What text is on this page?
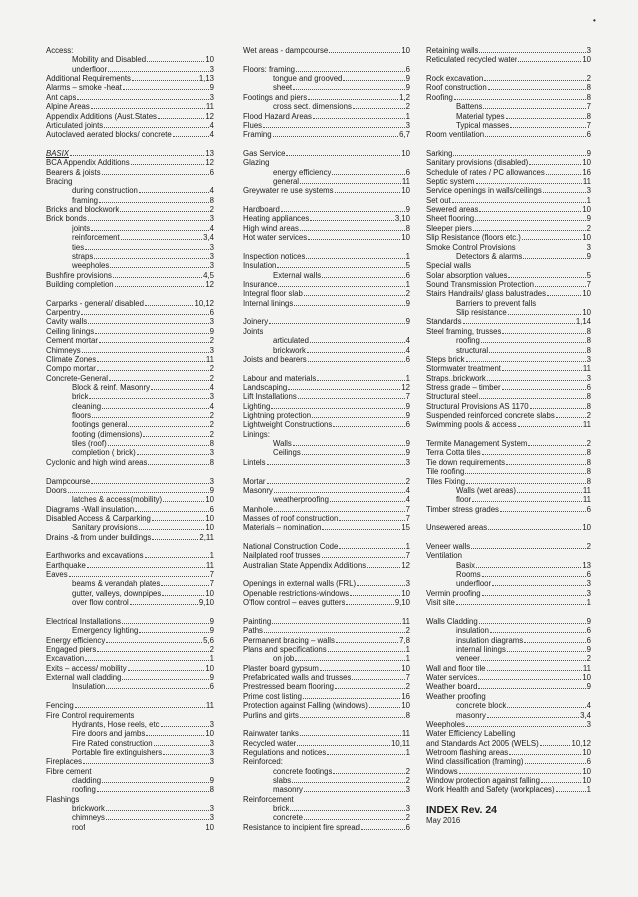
•
Access:
Mobility and Disabled	10
underfloor	3
Additional Requirements	1,13
Alarms – smoke -heat	9
Ant caps	3
Alpine Areas	11
Appendix Additions (Aust.States	12
Articulated joints	4
Autoclaved aerated blocks/ concrete	4
BASIX	13
BCA Appendix Additions	12
Bearers & joists	6
Bracing
during construction	4
framing	8
Bricks and blockwork	2
Brick bonds	3
joints	4
reinforcement	3,4
ties	3
straps	3
weepholes	3
Bushfire provisions	4,5
Building completion	12
Carparks - general/ disabled	10,12
Carpentry	6
Cavity walls	3
Ceiling linings	9
Cement mortar	2
Chimneys	3
Climate Zones	11
Compo mortar	2
Concrete-General	2
Block & reinf. Masonry	4
brick	3
cleaning	4
floors	2
footings general	2
footing (dimensions)	2
tiles (roof)	8
completion ( brick)	3
Cyclonic and high wind areas	8
Dampcourse	3
Doors	9
latches & access(mobility)	10
Diagrams -Wall insulation	6
Disabled Access & Carparking	10
Sanitary provisions	10
Drains -& from under buildings	2,11
Earthworks and excavations	1
Earthquake	11
Eaves	7
beams & verandah plates	7
gutter, valleys, downpipes	10
over flow control	9,10
Electrical Installations	9
Emergency lighting	9
Energy efficiency	5,6
Engaged piers	2
Excavation	1
Exits – access/ mobility	10
External wall cladding	9
Insulation	6
Fencing	11
Fire Control requirements
Hydrants, Hose reels, etc	3
Fire doors and jambs	10
Fire Rated construction	3
Portable fire extinguishers	3
Fireplaces	3
Fibre cement
cladding	9
roofing	8
Flashings
brickwork	3
chimneys	3
roof	10
Wet areas - dampcourse	10
Floors: framing	6
tongue and grooved	9
sheet	9
Footings and piers	1,2
cross sect. dimensions	2
Flood Hazard Areas	1
Flues	3
Framing	6,7
Gas Service	10
Glazing
energy efficiency	6
general	11
Greywater re use systems	10
Hardboard	9
Heating appliances	3,10
High wind areas	8
Hot water services	10
Inspection notices	1
Insulation	5
External walls	6
Insurance	1
Integral floor slab	2
Internal linings	9
Joinery	9
Joints
articulated	4
brickwork	4
Joists and bearers	6
Labour and materials	1
Landscaping	12
Lift Installations	7
Lighting	9
Lightning protection	9
Lightweight Constructions	6
Linings:
Walls	9
Ceilings	9
Lintels	3
Mortar	2
Masonry	4
weatherproofing	4
Manhole	7
Masses of roof construction	7
Materials – nomination	15
National Construction Code	1
Nailplated roof trusses	7
Australian State Appendix Additions	12
Openings in external walls (FRL)	3
Openable restrictions-windows	10
O'flow control – eaves gutters	9,10
Painting	11
Paths	2
Permanent bracing – walls	7,8
Plans and specifications	1
on job	1
Plaster board gypsum	10
Prefabricated walls and trusses	7
Prestressed beam flooring	2
Prime cost listing	16
Protection against Falling (windows)	10
Purlins and girts	8
Rainwater tanks	11
Recycled water	10,11
Regulations and notices	1
Reinforced:
concrete footings	2
slabs	2
masonry	3
Reinforcement
brick	3
concrete	2
Resistance to incipient fire spread	6
Retaining walls	3
Reticulated recycled water	10
Rock excavation	2
Roof construction	8
Roofing	8
Battens	7
Material types	8
Typical masses	7
Room ventilation	6
Sarking	9
Sanitary provisions (disabled)	10
Schedule of rates / PC allowances	16
Septic system	11
Service openings in walls/ceilings	3
Set out	1
Sewered areas	10
Sheet flooring	9
Sleeper piers	2
Slip Resistance (floors etc.)	10
Smoke Control Provisions	3
Detectors & alarms	9
Special walls
Solar absorption values	5
Sound Transmission Protection	7
Stairs Handrails/ glass balustrades	10
Barriers to prevent falls
Slip resistance	10
Standards	1,14
Steel framing, trusses	8
roofing	8
structural	8
Steps brick	3
Stormwater treatment	11
Straps..brickwork	3
Stress grade – timber	6
Structural steel	8
Structural Provisions AS 1170	8
Suspended reinforced concrete slabs	2
Swimming pools & access	11
Termite Management System	2
Terra Cotta tiles	8
Tie down requirements	8
Tile roofing	8
Tiles Fixing	8
Walls (wet areas)	11
floor	11
Timber stress grades	6
Unsewered areas	10
Veneer walls	2
Ventilation
Basix	13
Rooms	6
underfloor	3
Vermin proofing	3
Visit site	1
Walls Cladding	9
insulation	6
insulation diagrams	6
internal linings	9
veneer	2
Wall and floor tile	11
Water services	10
Weather board	9
Weather proofing
concrete block	4
masonry	3,4
Weepholes	3
Water Efficiency Labelling
and Standards Act 2005 (WELS)	10,12
Wetroom flashing areas	10
Wind classification (framing)	6
Windows	10
Window protection against falling	10
Work Health and Safety (workplaces)	1
INDEX Rev. 24
May 2016
